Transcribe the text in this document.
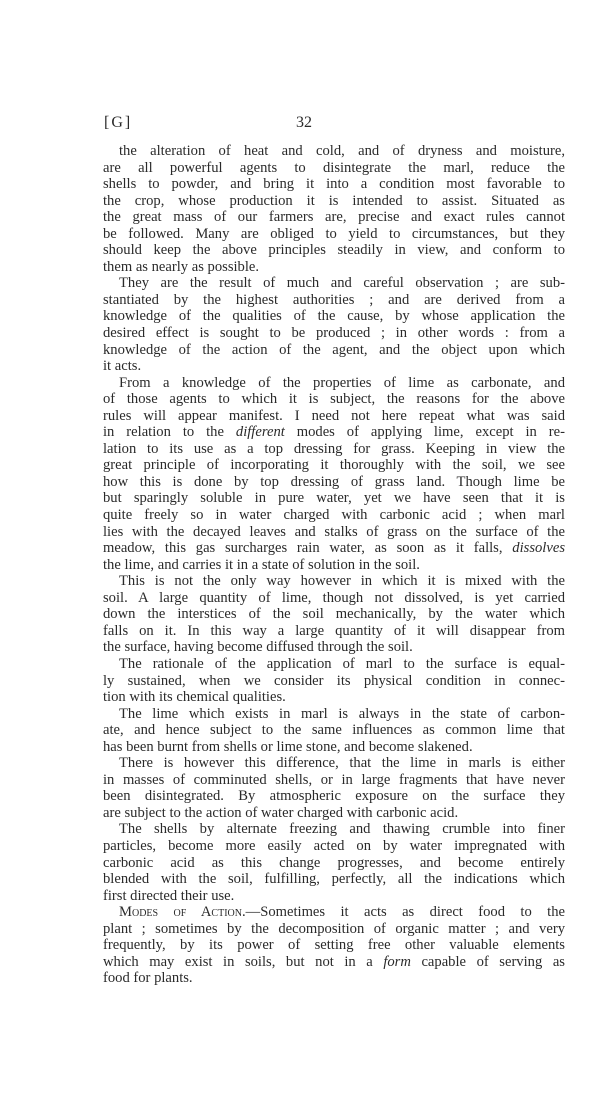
[G]	32
the alteration of heat and cold, and of dryness and moisture,
are all powerful agents to disintegrate the marl, reduce the
shells to powder, and bring it into a condition most favorable to
the crop, whose production it is intended to assist. Situated as
the great mass of our farmers are, precise and exact rules cannot
be followed. Many are obliged to yield to circumstances, but they
should keep the above principles steadily in view, and conform to
them as nearly as possible.
They are the result of much and careful observation ; are sub-
stantiated by the highest authorities ; and are derived from a
knowledge of the qualities of the cause, by whose application the
desired effect is sought to be produced ; in other words : from a
knowledge of the action of the agent, and the object upon which
it acts.
From a knowledge of the properties of lime as carbonate, and
of those agents to which it is subject, the reasons for the above
rules will appear manifest. I need not here repeat what was said
in relation to the different modes of applying lime, except in re-
lation to its use as a top dressing for grass. Keeping in view the
great principle of incorporating it thoroughly with the soil, we see
how this is done by top dressing of grass land. Though lime be
but sparingly soluble in pure water, yet we have seen that it is
quite freely so in water charged with carbonic acid ; when marl
lies with the decayed leaves and stalks of grass on the surface of the
meadow, this gas surcharges rain water, as soon as it falls, dissolves
the lime, and carries it in a state of solution in the soil.
This is not the only way however in which it is mixed with the
soil. A large quantity of lime, though not dissolved, is yet carried
down the interstices of the soil mechanically, by the water which
falls on it. In this way a large quantity of it will disappear from
the surface, having become diffused through the soil.
The rationale of the application of marl to the surface is equal-
ly sustained, when we consider its physical condition in connec-
tion with its chemical qualities.
The lime which exists in marl is always in the state of carbon-
ate, and hence subject to the same influences as common lime that
has been burnt from shells or lime stone, and become slakened.
There is however this difference, that the lime in marls is either
in masses of comminuted shells, or in large fragments that have never
been disintegrated. By atmospheric exposure on the surface they
are subject to the action of water charged with carbonic acid.
The shells by alternate freezing and thawing crumble into finer
particles, become more easily acted on by water impregnated with
carbonic acid as this change progresses, and become entirely
blended with the soil, fulfilling, perfectly, all the indications which
first directed their use.
Modes of Action.—Sometimes it acts as direct food to the
plant ; sometimes by the decomposition of organic matter ; and very
frequently, by its power of setting free other valuable elements
which may exist in soils, but not in a form capable of serving as
food for plants.
